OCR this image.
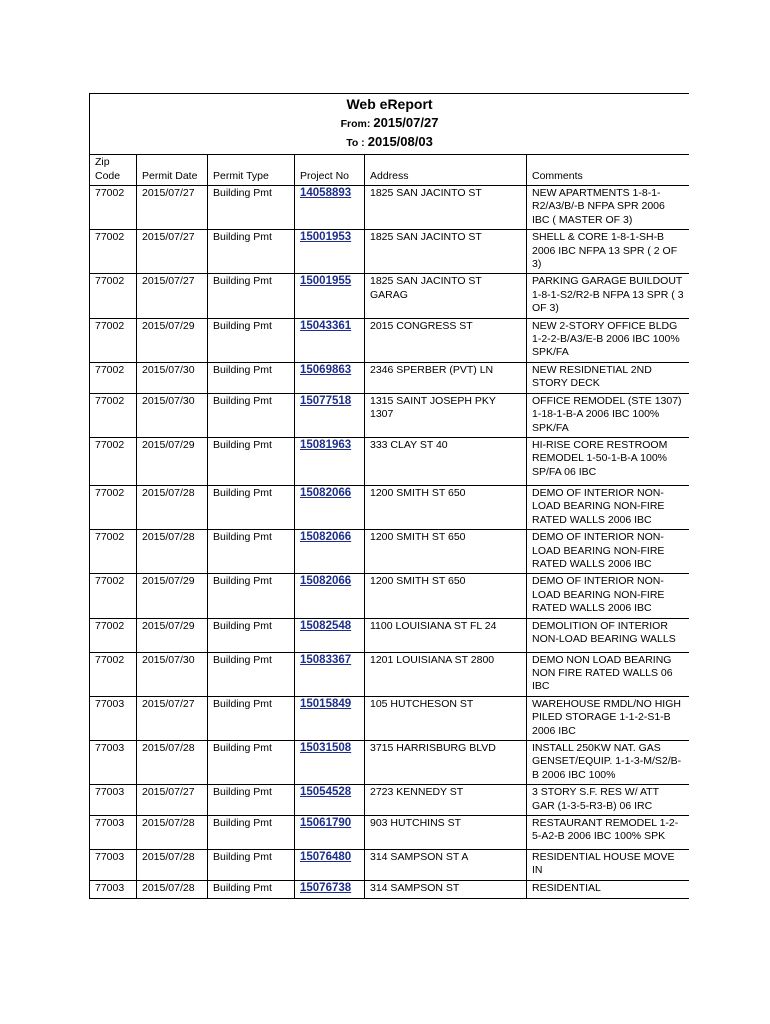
Web eReport
From: 2015/07/27
To : 2015/08/03					

Zip Code	Permit Date	Permit Type	Project No	Address	Comments
77002	2015/07/27	Building Pmt	14058893	1825 SAN JACINTO ST	NEW APARTMENTS 1-8-1-R2/A3/B/-B NFPA SPR 2006 IBC ( MASTER OF 3)
77002	2015/07/27	Building Pmt	15001953	1825 SAN JACINTO ST	SHELL & CORE 1-8-1-SH-B 2006 IBC NFPA 13 SPR ( 2 OF 3)
77002	2015/07/27	Building Pmt	15001955	1825 SAN JACINTO ST GARAG	PARKING GARAGE BUILDOUT 1-8-1-S2/R2-B NFPA 13 SPR ( 3 OF 3)
77002	2015/07/29	Building Pmt	15043361	2015 CONGRESS ST	NEW 2-STORY OFFICE BLDG 1-2-2-B/A3/E-B 2006 IBC 100% SPK/FA
77002	2015/07/30	Building Pmt	15069863	2346 SPERBER (PVT) LN	NEW RESIDNETIAL 2ND STORY DECK
77002	2015/07/30	Building Pmt	15077518	1315 SAINT JOSEPH PKY 1307	OFFICE REMODEL (STE 1307) 1-18-1-B-A 2006 IBC 100% SPK/FA
77002	2015/07/29	Building Pmt	15081963	333 CLAY ST 40	HI-RISE CORE RESTROOM REMODEL 1-50-1-B-A 100% SP/FA 06 IBC
77002	2015/07/28	Building Pmt	15082066	1200 SMITH ST 650	DEMO OF INTERIOR NON-LOAD BEARING NON-FIRE RATED WALLS 2006 IBC
77002	2015/07/28	Building Pmt	15082066	1200 SMITH ST 650	DEMO OF INTERIOR NON-LOAD BEARING NON-FIRE RATED WALLS 2006 IBC
77002	2015/07/29	Building Pmt	15082066	1200 SMITH ST 650	DEMO OF INTERIOR NON-LOAD BEARING NON-FIRE RATED WALLS 2006 IBC
77002	2015/07/29	Building Pmt	15082548	1100 LOUISIANA ST FL 24	DEMOLITION OF INTERIOR NON-LOAD BEARING WALLS
77002	2015/07/30	Building Pmt	15083367	1201 LOUISIANA ST 2800	DEMO NON LOAD BEARING NON FIRE RATED WALLS 06 IBC
77003	2015/07/27	Building Pmt	15015849	105 HUTCHESON ST	WAREHOUSE RMDL/NO HIGH PILED STORAGE 1-1-2-S1-B 2006 IBC
77003	2015/07/28	Building Pmt	15031508	3715 HARRISBURG BLVD	INSTALL 250KW NAT. GAS GENSET/EQUIP. 1-1-3-M/S2/B-B 2006 IBC 100%
77003	2015/07/27	Building Pmt	15054528	2723 KENNEDY ST	3 STORY S.F. RES W/ ATT GAR (1-3-5-R3-B) 06 IRC
77003	2015/07/28	Building Pmt	15061790	903 HUTCHINS ST	RESTAURANT REMODEL 1-2-5-A2-B 2006 IBC 100% SPK
77003	2015/07/28	Building Pmt	15076480	314 SAMPSON ST A	RESIDENTIAL HOUSE MOVE IN
77003	2015/07/28	Building Pmt	15076738	314 SAMPSON ST	RESIDENTIAL
